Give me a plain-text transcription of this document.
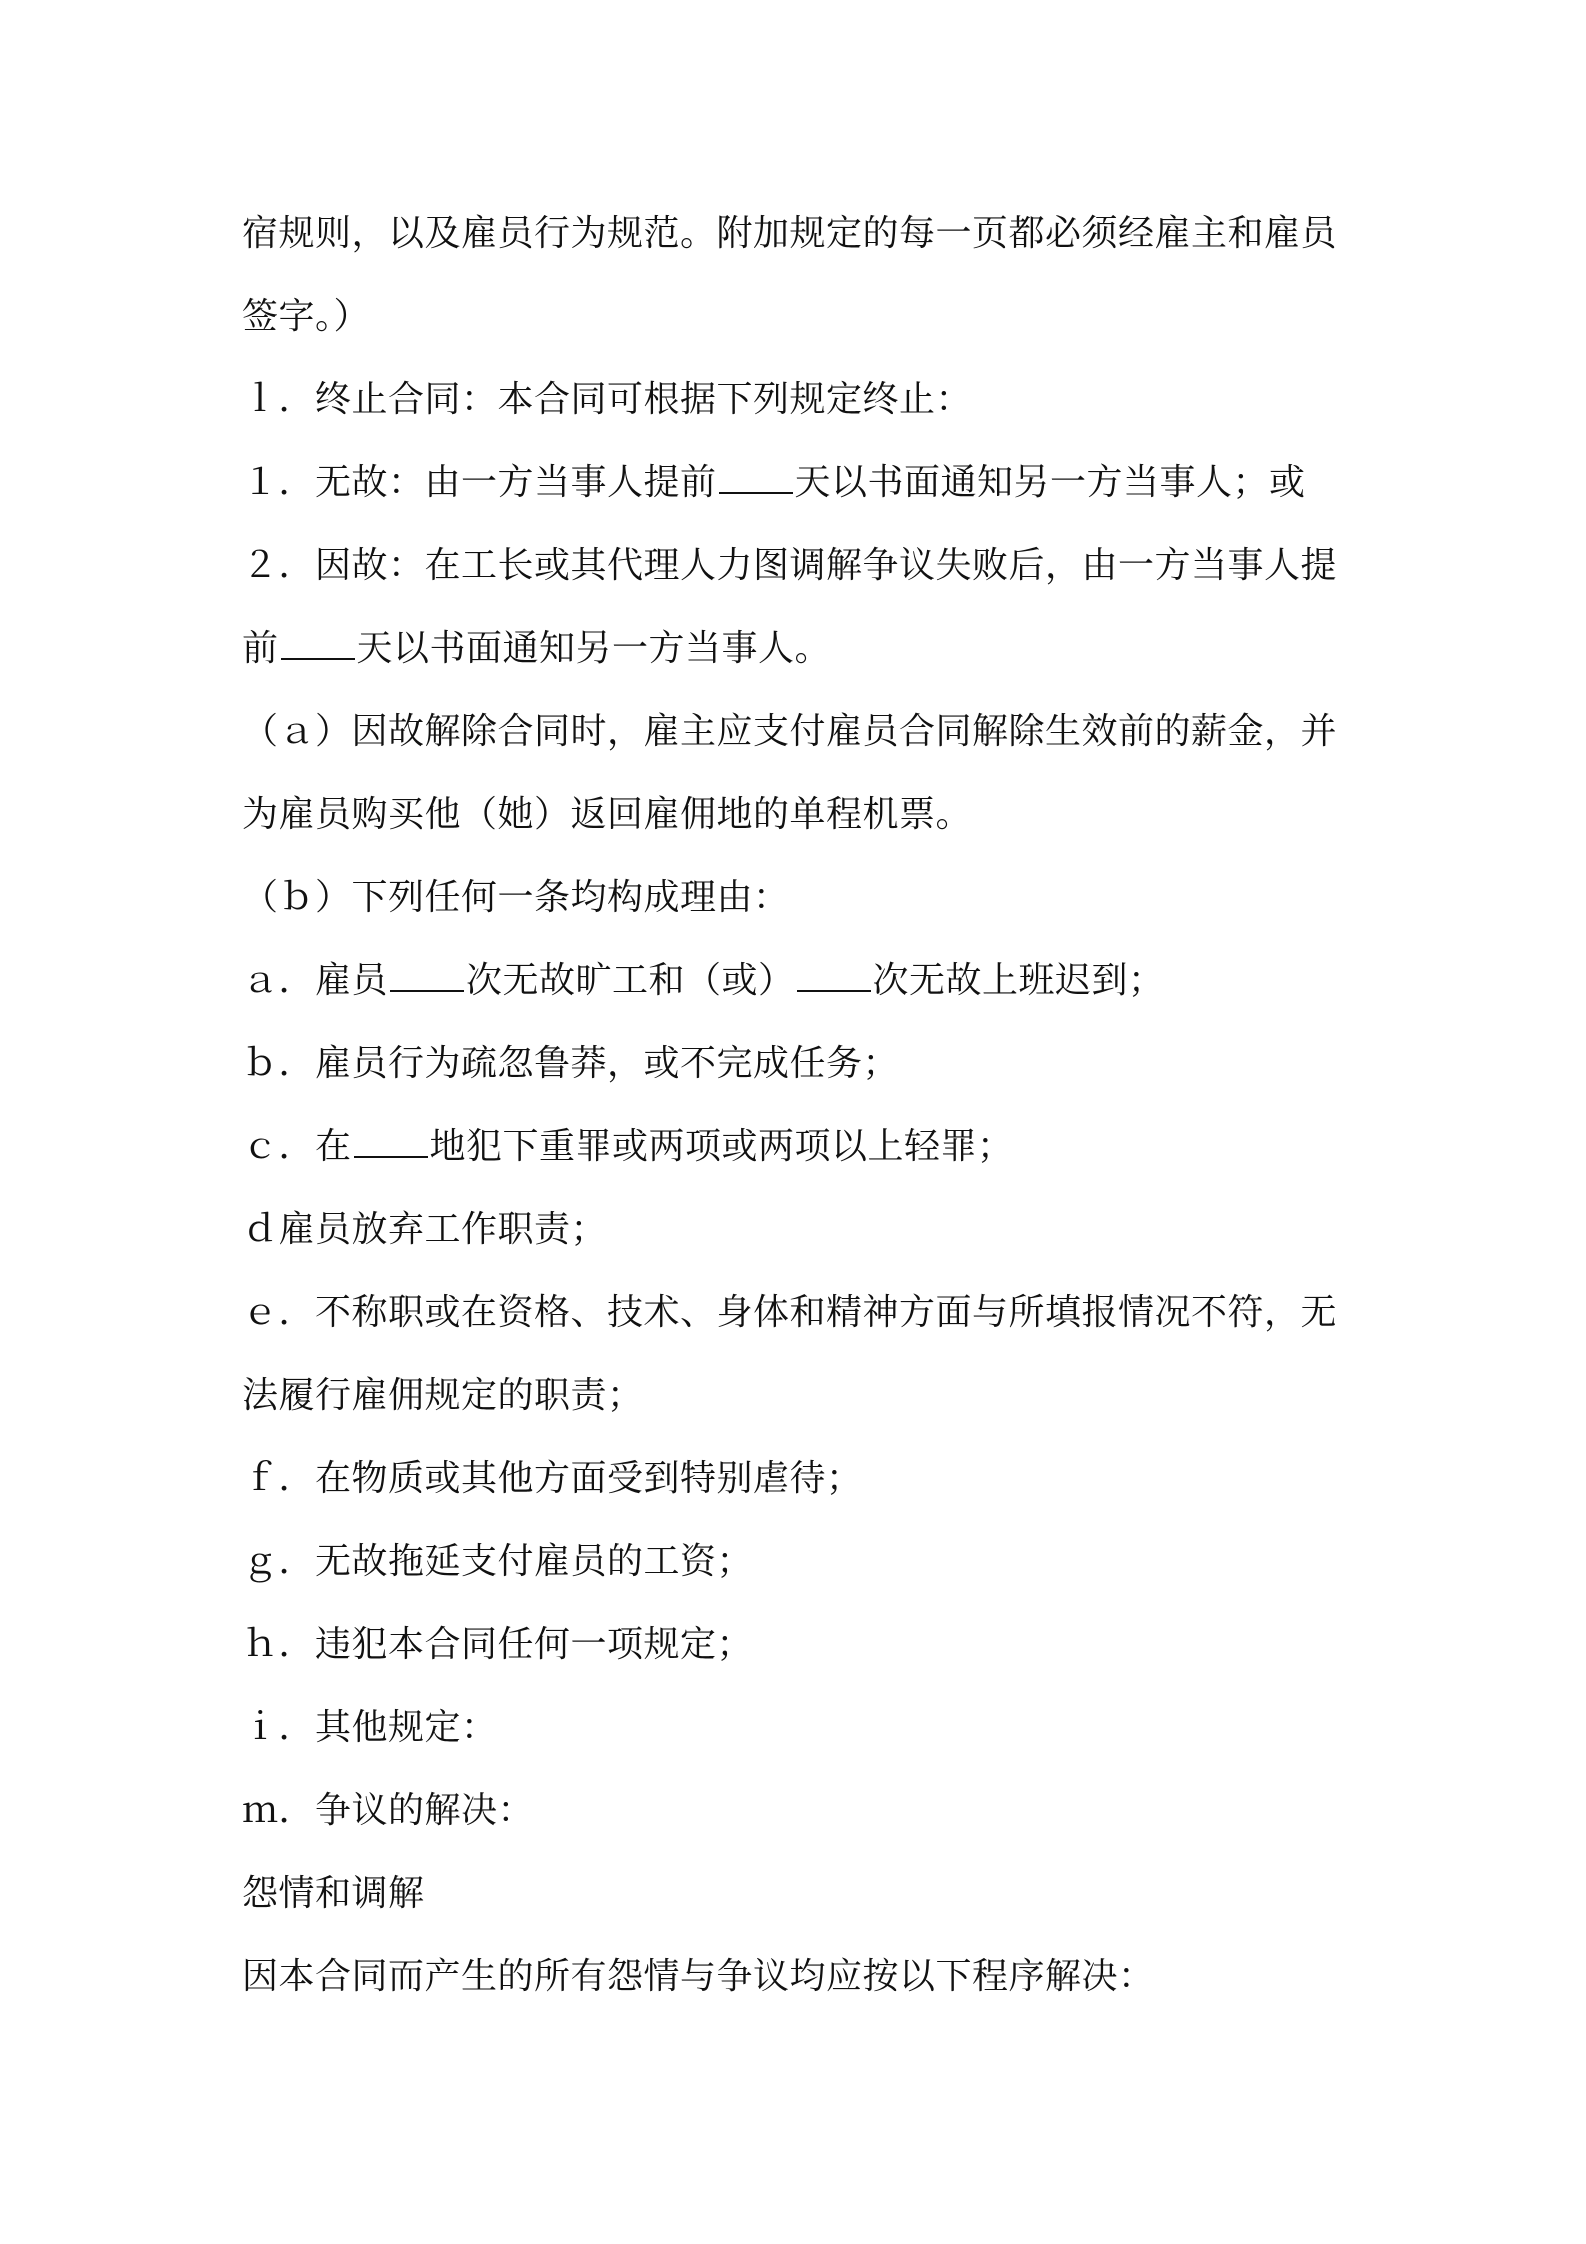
宿规则，以及雇员行为规范。附加规定的每一页都必须经雇主和雇员
签字。）
ｌ．终止合同：本合同可根据下列规定终止：
１．无故：由一方当事人提前 天以书面通知另一方当事人；或
２．因故：在工长或其代理人力图调解争议失败后，由一方当事人提
前 天以书面通知另一方当事人。
（ａ）因故解除合同时，雇主应支付雇员合同解除生效前的薪金，并
为雇员购买他（她）返回雇佣地的单程机票。
（ｂ）下列任何一条均构成理由：
ａ．雇员 次无故旷工和（或） 次无故上班迟到；
ｂ．雇员行为疏忽鲁莽，或不完成任务；
ｃ．在 地犯下重罪或两项或两项以上轻罪；
ｄ雇员放弃工作职责；
ｅ．不称职或在资格、技术、身体和精神方面与所填报情况不符，无
法履行雇佣规定的职责；
ｆ．在物质或其他方面受到特别虐待；
ｇ．无故拖延支付雇员的工资；
ｈ．违犯本合同任何一项规定；
ｉ．其他规定：
ｍ．争议的解决：
怨情和调解
因本合同而产生的所有怨情与争议均应按以下程序解决：
